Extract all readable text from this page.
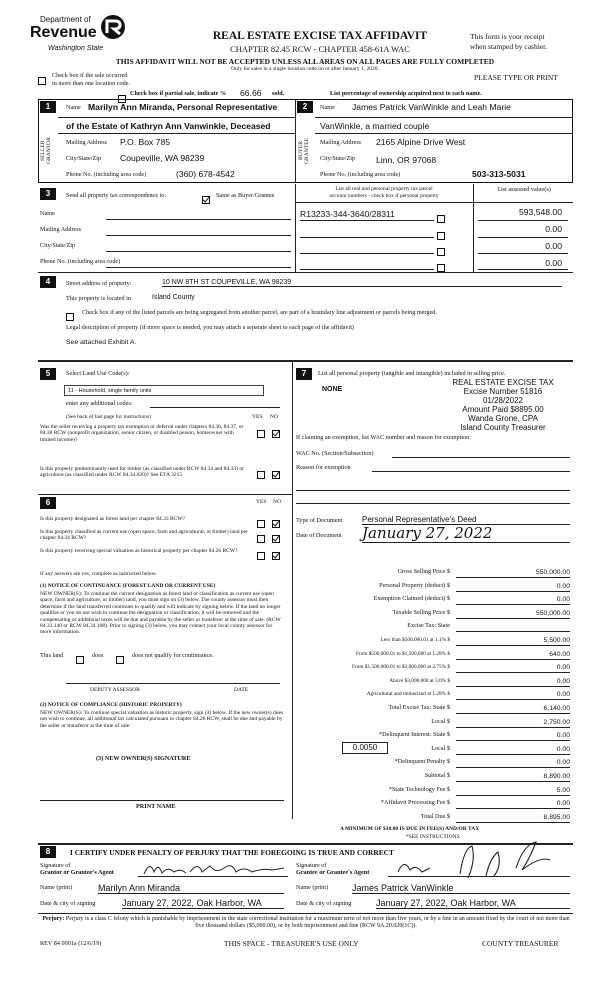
Department of
Revenue
Washington State
REAL ESTATE EXCISE TAX AFFIDAVIT
CHAPTER 82.45 RCW - CHAPTER 458-61A WAC
This form is your receipt
when stamped by cashier.
THIS AFFIDAVIT WILL NOT BE ACCEPTED UNLESS ALL AREAS ON ALL PAGES ARE FULLY COMPLETED
Only for sales in a single location code on or after January 1, 2020.
PLEASE TYPE OR PRINT
Check box if the sale occurred
in more than one location code.
Check box if partial sale, indicate % 66.66 sold.	List percentage of ownership acquired next to each name.
1
SELLER GRANTOR
Name Marilyn Ann Miranda, Personal Representative
of the Estate of Kathryn Ann Vanwinkle, Deceased
Mailing Address P.O. Box 785
City/State/Zip Coupeville, WA 98239
Phone No. (including area code)	(360) 678-4542
2
BUYER GRANTEE
Name James Patrick VanWinkle and Leah Marie
VanWinkle, a married couple
Mailing Address 2165 Alpine Drive West
City/State/Zip Linn, OR 97068
Phone No. (including area code)	503-313-5031
3	Send all property tax correspondence to:	Same as Buyer/Grantee
List all real and personal property tax parcel
account numbers - check box if personal property
List assessed value(s)
Name
Mailing Address
City/State/Zip
Phone No. (including area code)
R13233-344-3640/28311	593,548.00
0.00
0.00
0.00
4	Street address of property:	10 NW 8TH ST COUPEVILLE, WA 98239
This property is located in	Island County
Check box if any of the listed parcels are being segregated from another parcel, are part of a boundary line adjustment or parcels being merged.
Legal description of property (if more space is needed, you may attach a separate sheet to each page of the affidavit)
See attached Exhibit A.
5	Select Land Use Code(s):
11 - Household, single family units
enter any additional codes:
(See back of last page for instructions)	YES NO
Was the seller receiving a property tax exemption or deferral under chapters 84.36, 84.37, or 84.38 RCW (nonprofit organization, senior citizen, or disabled person, homeowner with limited income)?
Is this property predominantly used for timber (as classified under RCW 84.34 and 84.33) or agriculture (as classified under RCW 84.34.020)? See ETA 3215
6	YES NO
Is this property designated as forest land per chapter 84.33 RCW?
Is this property classified as current use (open space, farm and agricultural, or timber) land per chapter 84.34 RCW?
Is this property receiving special valuation as historical property per chapter 84.26 RCW?
If any answers are yes, complete as instructed below.
(1) NOTICE OF CONTINUANCE (FOREST LAND OR CURRENT USE)
NEW OWNER(S): To continue the current designation as forest land or classification as current use (open space, farm and agriculture, or timber) land, you must sign on (3) below. The county assessor must then determine if the land transferred continues to qualify and will indicate by signing below. If the land no longer qualifies or you do not wish to continue the designation or classification, it will be removed and the compensating or additional taxes will be due and payable by the seller or transferor at the time of sale. (RCW 84.33.140 or RCW 84.34.108). Prior to signing (3) below, you may contact your local county assessor for more information.
This land	does	does not qualify for continuance.
DEPUTY ASSESSOR	DATE
(2) NOTICE OF COMPLIANCE (HISTORIC PROPERTY)
NEW OWNER(S): To continue special valuation as historic property, sign (3) below. If the new owner(s) does not wish to continue, all additional tax calculated pursuant to chapter 84.26 RCW, shall be due and payable by the seller or transferor at the time of sale.
(3) NEW OWNER(S) SIGNATURE
PRINT NAME
7	List all personal property (tangible and intangible) included in selling price.
NONE
REAL ESTATE EXCISE TAX
Excise Number 51816
01/28/2022
Amount Paid $8895.00
Wanda Grone, CPA
Island County Treasurer
If claiming an exemption, list WAC number and reason for exemption:
WAC No. (Section/Subsection)
Reason for exemption
Type of Document Personal Representative's Deed
Date of Document January 27, 2022
Gross Selling Price $	550,000.00
Personal Property (deduct) $	0.00
Exemption Claimed (deduct) $	0.00
Taxable Selling Price $	550,000.00
Excise Tax: State
Less than $500,000.01 at 1.1% $	5,500.00
From $500,000.01 to $1,500,000 at 1.28% $	640.00
From $1,500,000.01 to $3,000,000 at 2.75% $	0.00
Above $3,000,000 at 3.0% $	0.00
Agricultural and timberland at 1.28% $	0.00
Total Excise Tax: State $	6,140.00
Local $	2,750.00
*Delinquent Interest: State $	0.00
Local $	0.00
*Delinquent Penalty $	0.00
Subtotal $	8,890.00
*State Technology Fee $	5.00
*Affidavit Processing Fee $	0.00
Total Due $	8,895.00
0.0050
A MINIMUM OF $10.00 IS DUE IN FEE(S) AND/OR TAX
*SEE INSTRUCTIONS
8	I CERTIFY UNDER PENALTY OF PERJURY THAT THE FOREGOING IS TRUE AND CORRECT
Signature of
Grantor or Grantor's Agent
Signature of
Grantee or Grantee's Agent
Name (print)	Marilyn Ann Miranda	Name (print)	James Patrick VanWinkle
Date & city of signing	January 27, 2022, Oak Harbor, WA	Date & city of signing	January 27, 2022, Oak Harbor, WA
Perjury: Perjury is a class C felony which is punishable by imprisonment in the state correctional institution for a maximum term of not more than five years, or by a fine in an amount fixed by the court of not more than five thousand dollars ($5,000.00), or by both imprisonment and fine (RCW 9A.20.020(1C)).
REV 84 0001a (12/6/19)	THIS SPACE - TREASURER'S USE ONLY	COUNTY TREASURER
